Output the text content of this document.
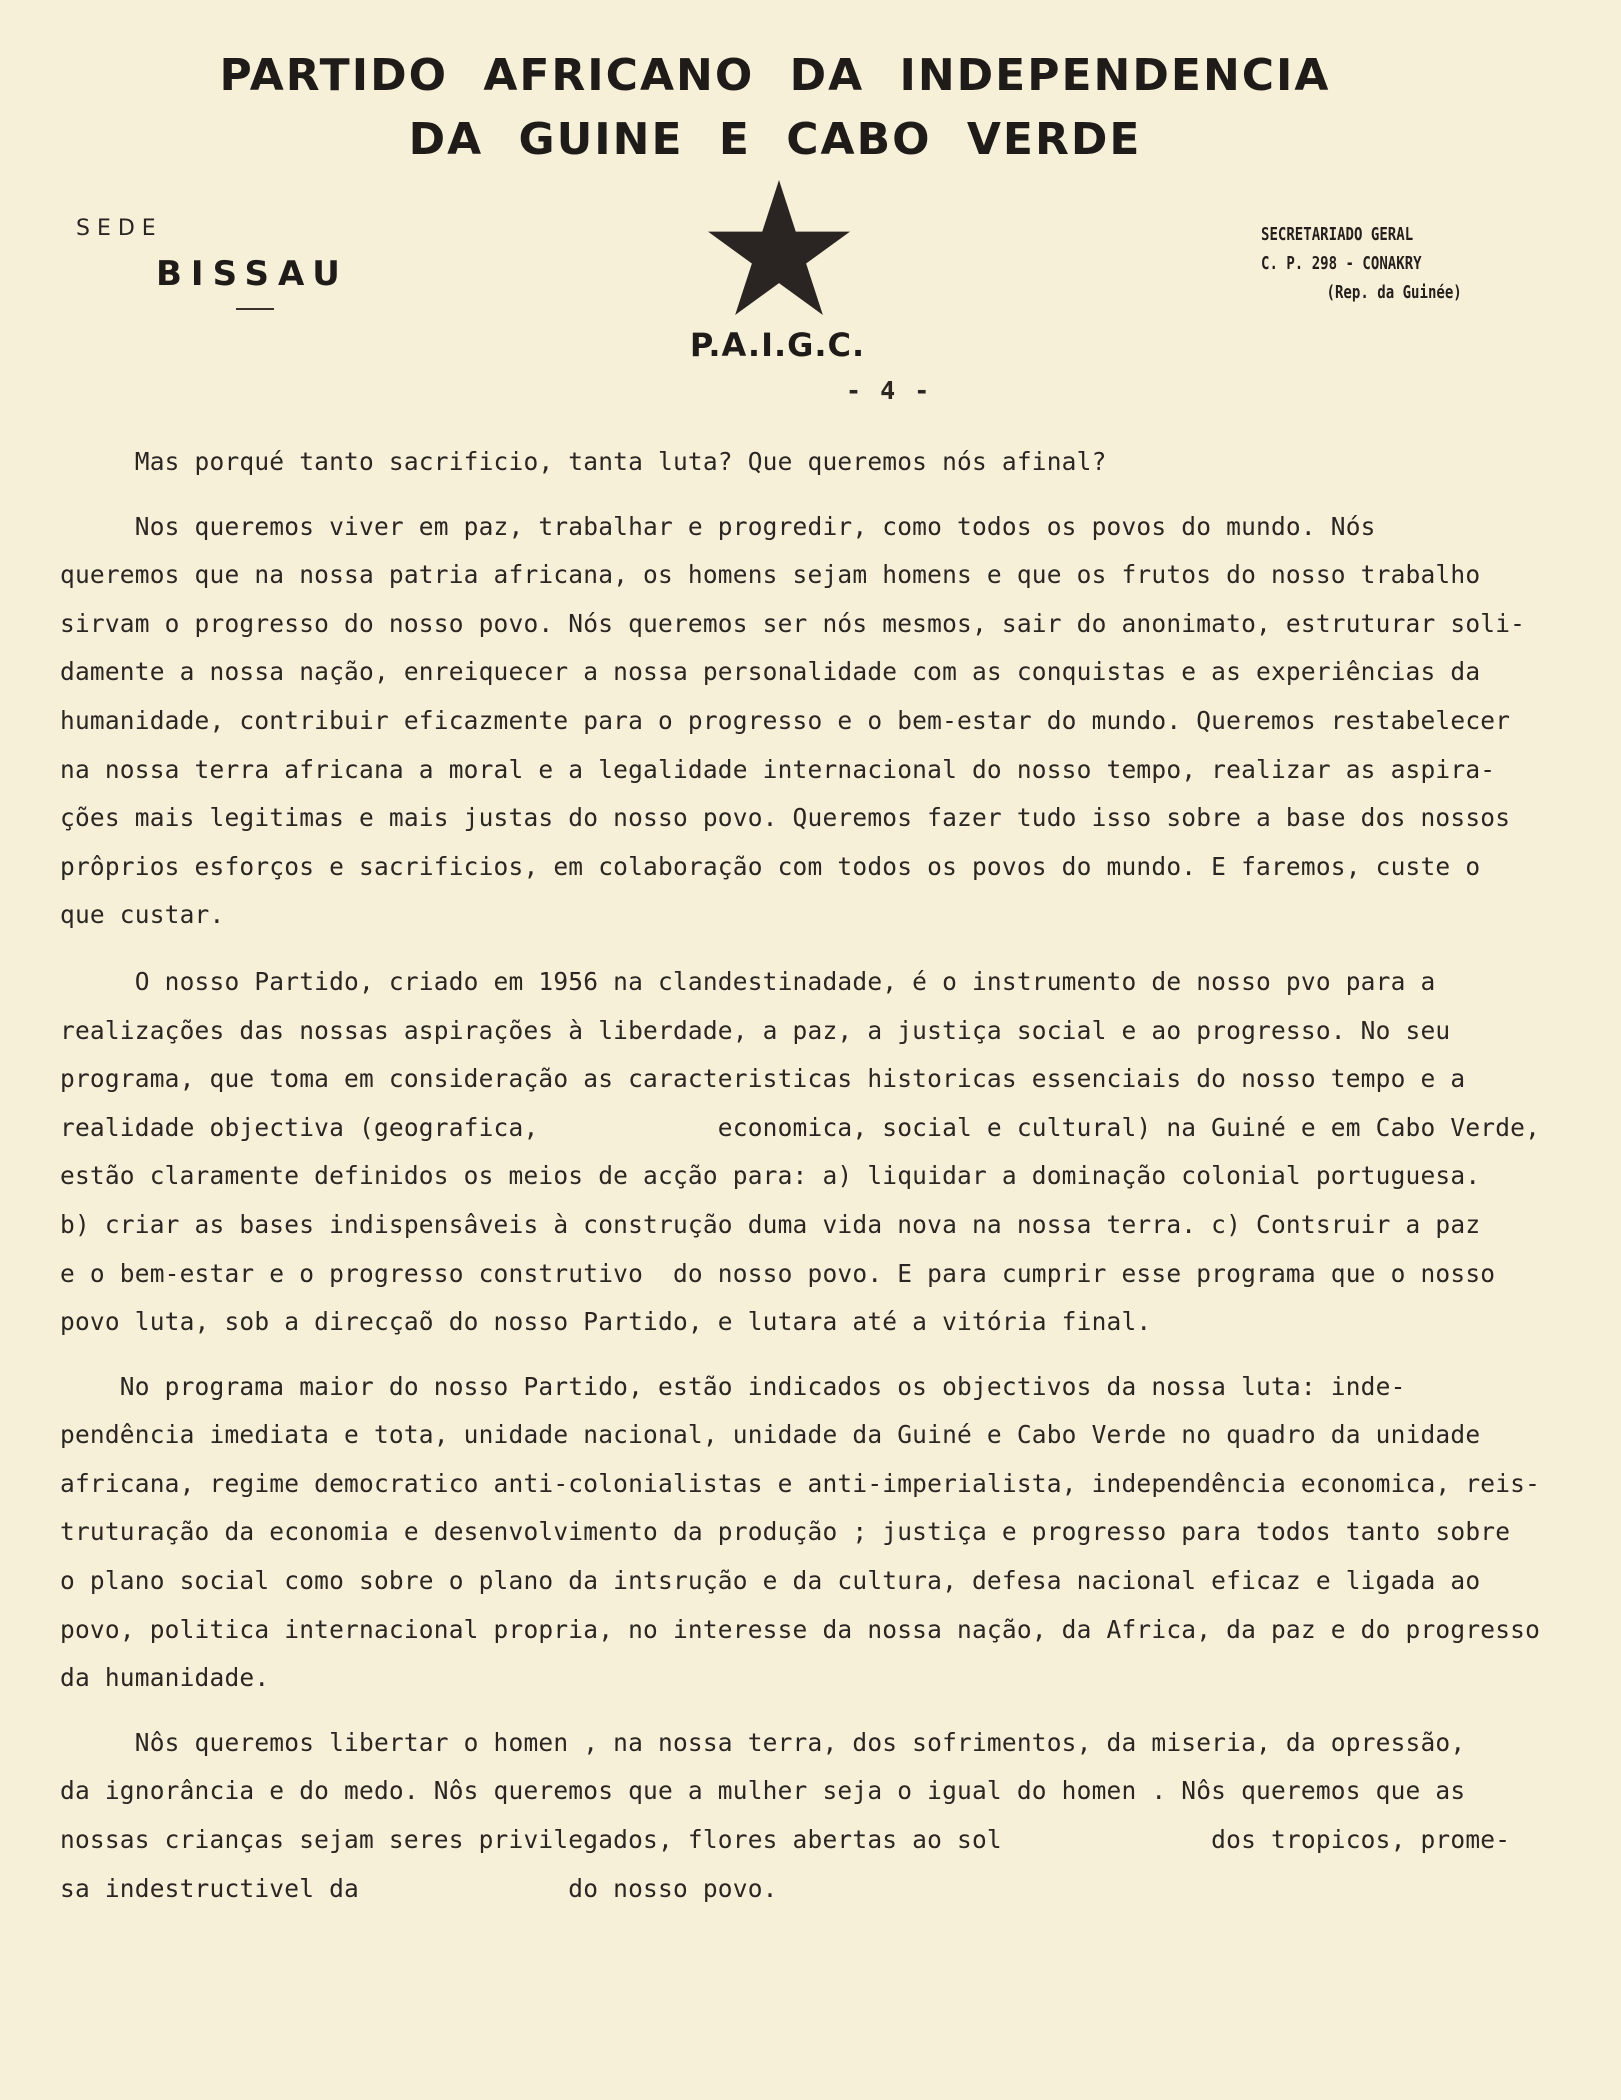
PARTIDO AFRICANO DA INDEPENDENCIA
DA GUINE E CABO VERDE
SEDE
BISSAU
P.A.I.G.C.
SECRETARIADO GERAL
C. P. 298 - CONAKRY
(Rep. da Guinée)
- 4 -
Mas porqué tanto sacrificio, tanta luta? Que queremos nós afinal?
Nos queremos viver em paz, trabalhar e progredir, como todos os povos do mundo. Nós
queremos que na nossa patria africana, os homens sejam homens e que os frutos do nosso trabalho
sirvam o progresso do nosso povo. Nós queremos ser nós mesmos, sair do anonimato, estruturar soli-
damente a nossa nação, enreiquecer a nossa personalidade com as conquistas e as experiências da
humanidade, contribuir eficazmente para o progresso e o bem-estar do mundo. Queremos restabelecer
na nossa terra africana a moral e a legalidade internacional do nosso tempo, realizar as aspira-
ções mais legitimas e mais justas do nosso povo. Queremos fazer tudo isso sobre a base dos nossos
prôprios esforços e sacrificios, em colaboração com todos os povos do mundo. E faremos, custe o
que custar.
O nosso Partido, criado em 1956 na clandestinadade, é o instrumento de nosso pvo para a
realizações das nossas aspirações à liberdade, a paz, a justiça social e ao progresso. No seu
programa, que toma em consideração as caracteristicas historicas essenciais do nosso tempo e a
realidade objectiva (geografica,            economica, social e cultural) na Guiné e em Cabo Verde,
estão claramente definidos os meios de acção para: a) liquidar a dominação colonial portuguesa.
b) criar as bases indispensâveis à construção duma vida nova na nossa terra. c) Contsruir a paz
e o bem-estar e o progresso construtivo  do nosso povo. E para cumprir esse programa que o nosso
povo luta, sob a direcçaõ do nosso Partido, e lutara até a vitória final.
No programa maior do nosso Partido, estão indicados os objectivos da nossa luta: inde-
pendência imediata e tota, unidade nacional, unidade da Guiné e Cabo Verde no quadro da unidade
africana, regime democratico anti-colonialistas e anti-imperialista, independência economica, reis-
truturação da economia e desenvolvimento da produção ; justiça e progresso para todos tanto sobre
o plano social como sobre o plano da intsrução e da cultura, defesa nacional eficaz e ligada ao
povo, politica internacional propria, no interesse da nossa nação, da Africa, da paz e do progresso
da humanidade.
Nôs queremos libertar o homen , na nossa terra, dos sofrimentos, da miseria, da opressão,
da ignorância e do medo. Nôs queremos que a mulher seja o igual do homen . Nôs queremos que as
nossas crianças sejam seres privilegados, flores abertas ao sol              dos tropicos, prome-
sa indestructivel da              do nosso povo.
